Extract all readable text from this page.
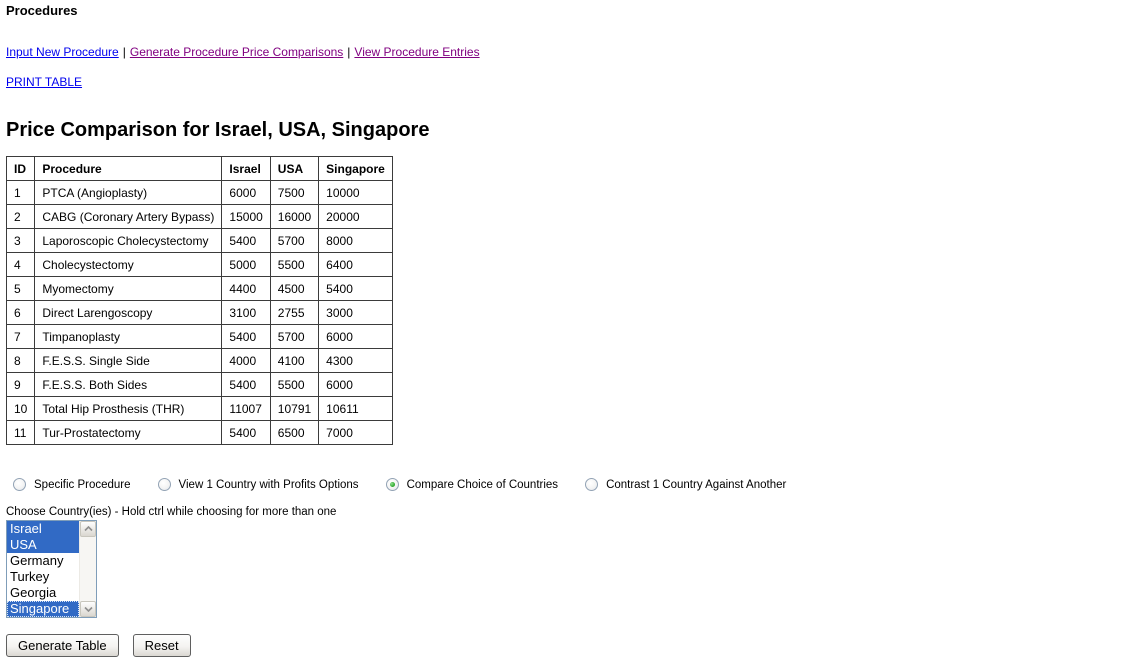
Procedures
Input New Procedure | Generate Procedure Price Comparisons | View Procedure Entries
PRINT TABLE
Price Comparison for Israel, USA, Singapore
ID	Procedure	Israel	USA	Singapore
1	PTCA (Angioplasty)	6000	7500	10000
2	CABG (Coronary Artery Bypass)	15000	16000	20000
3	Laporoscopic Cholecystectomy	5400	5700	8000
4	Cholecystectomy	5000	5500	6400
5	Myomectomy	4400	4500	5400
6	Direct Larengoscopy	3100	2755	3000
7	Timpanoplasty	5400	5700	6000
8	F.E.S.S. Single Side	4000	4100	4300
9	F.E.S.S. Both Sides	5400	5500	6000
10	Total Hip Prosthesis (THR)	11007	10791	10611
11	Tur-Prostatectomy	5400	6500	7000
Specific Procedure	View 1 Country with Profits Options	Compare Choice of Countries	Contrast 1 Country Against Another
Choose Country(ies) - Hold ctrl while choosing for more than one
Israel
USA
Germany
Turkey
Georgia
Singapore
Generate Table	Reset
